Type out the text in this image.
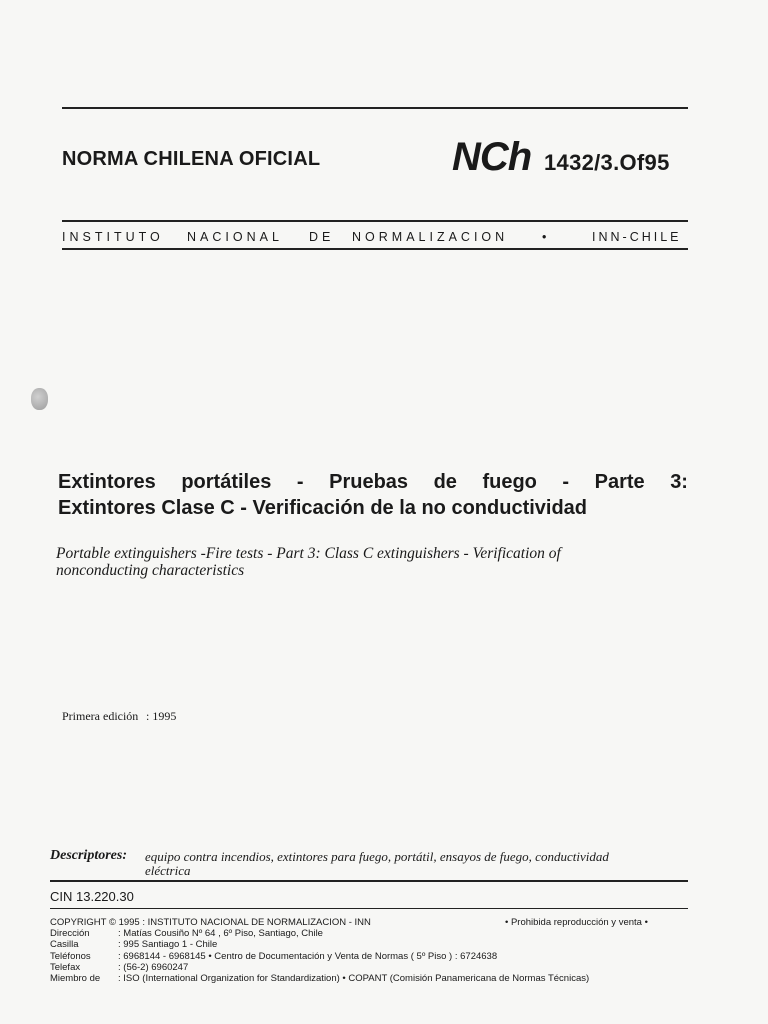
NORMA CHILENA OFICIAL	NCh 1432/3.Of95
INSTITUTO NACIONAL DE NORMALIZACION	•	INN-CHILE
Extintores portátiles - Pruebas de fuego - Parte 3:
Extintores Clase C - Verificación de la no conductividad
Portable extinguishers -Fire tests - Part 3: Class C extinguishers - Verification of
nonconducting characteristics
Primera edición : 1995
Descriptores: equipo contra incendios, extintores para fuego, portátil, ensayos de fuego, conductividad
eléctrica
CIN 13.220.30
COPYRIGHT © 1995 : INSTITUTO NACIONAL DE NORMALIZACION - INN	• Prohibida reproducción y venta •
Dirección	: Matías Cousiño Nº 64 , 6º Piso, Santiago, Chile
Casilla	: 995 Santiago 1 - Chile
Teléfonos	: 6968144 - 6968145 • Centro de Documentación y Venta de Normas ( 5º Piso ) : 6724638
Telefax	: (56-2) 6960247
Miembro de : ISO (International Organization for Standardization) • COPANT (Comisión Panamericana de Normas Técnicas)
